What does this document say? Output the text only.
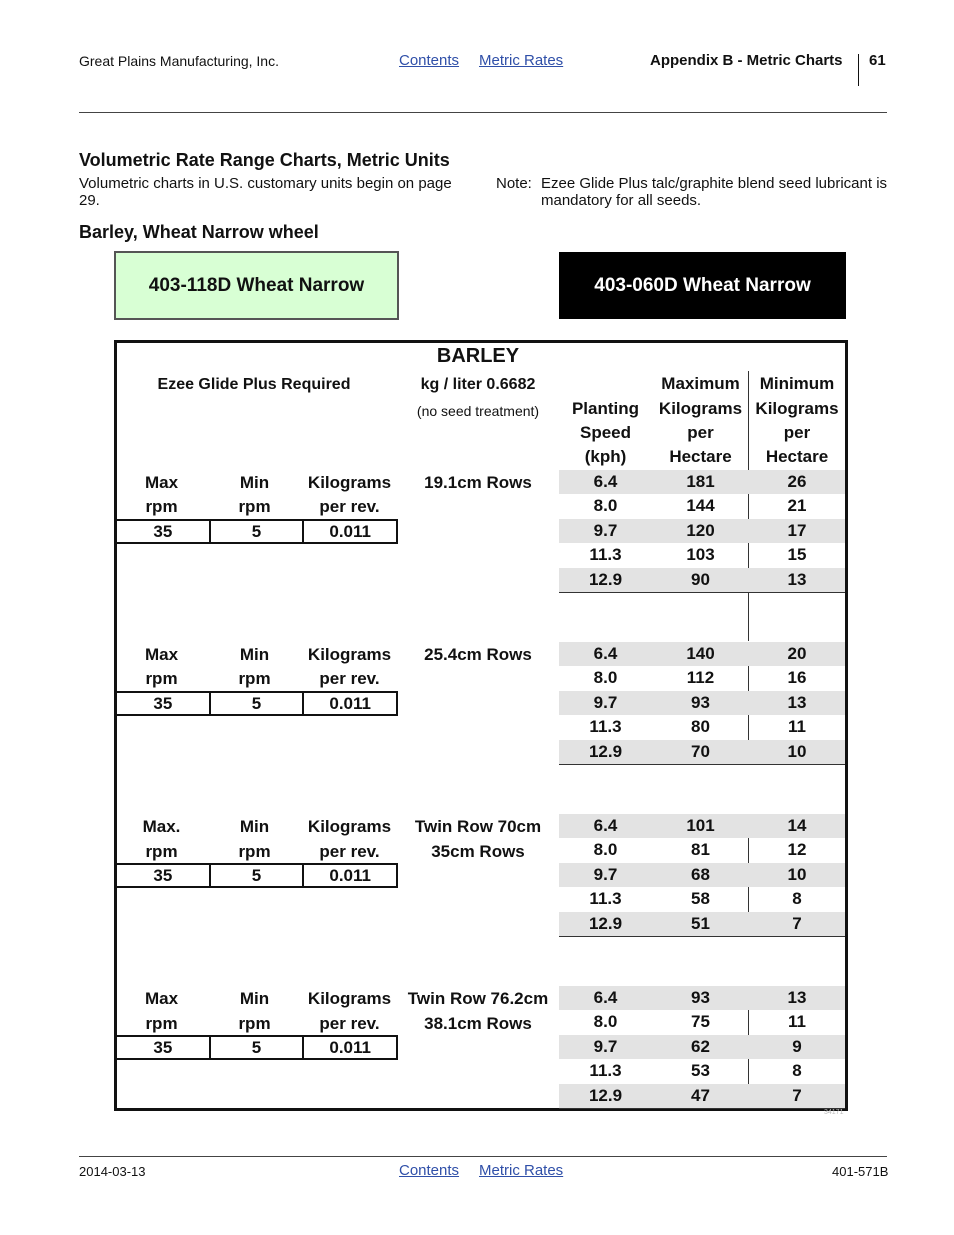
Great Plains Manufacturing, Inc.	Contents Metric Rates	Appendix B - Metric Charts 61
Volumetric Rate Range Charts, Metric Units
Volumetric charts in U.S. customary units begin on page 29.
Note: Ezee Glide Plus talc/graphite blend seed lubricant is mandatory for all seeds.
Barley, Wheat Narrow wheel
403-118D Wheat Narrow	403-060D Wheat Narrow
BARLEY
Ezee Glide Plus Required	kg / liter 0.6682
(no seed treatment)	Planting
Speed
(kph)
Maximum
Kilograms
per
Hectare
Minimum
Kilograms
per
Hectare
Max	Min	Kilograms
rpm	rpm	per rev.
35	5	0.011
19.1cm Rows
Max	Min	Kilograms
rpm	rpm	per rev.
35	5	0.011
25.4cm Rows
Max.	Min	Kilograms
rpm	rpm	per rev.
35	5	0.011
Twin Row 70cm
35cm Rows
Max	Min	Kilograms
rpm	rpm	per rev.
35	5	0.011
Twin Row 76.2cm
38.1cm Rows
6.4	181	26
8.0	144	21
9.7	120	17
11.3	103	15
12.9	90	13
6.4	140	20
8.0	112	16
9.7	93	13
11.3	80	11
12.9	70	10
6.4	101	14
8.0	81	12
9.7	68	10
11.3	58	8
12.9	51	7
6.4	93	13
8.0	75	11
9.7	62	9
11.3	53	8
12.9	47	7
34171
2014-03-13	Contents Metric Rates	401-571B
